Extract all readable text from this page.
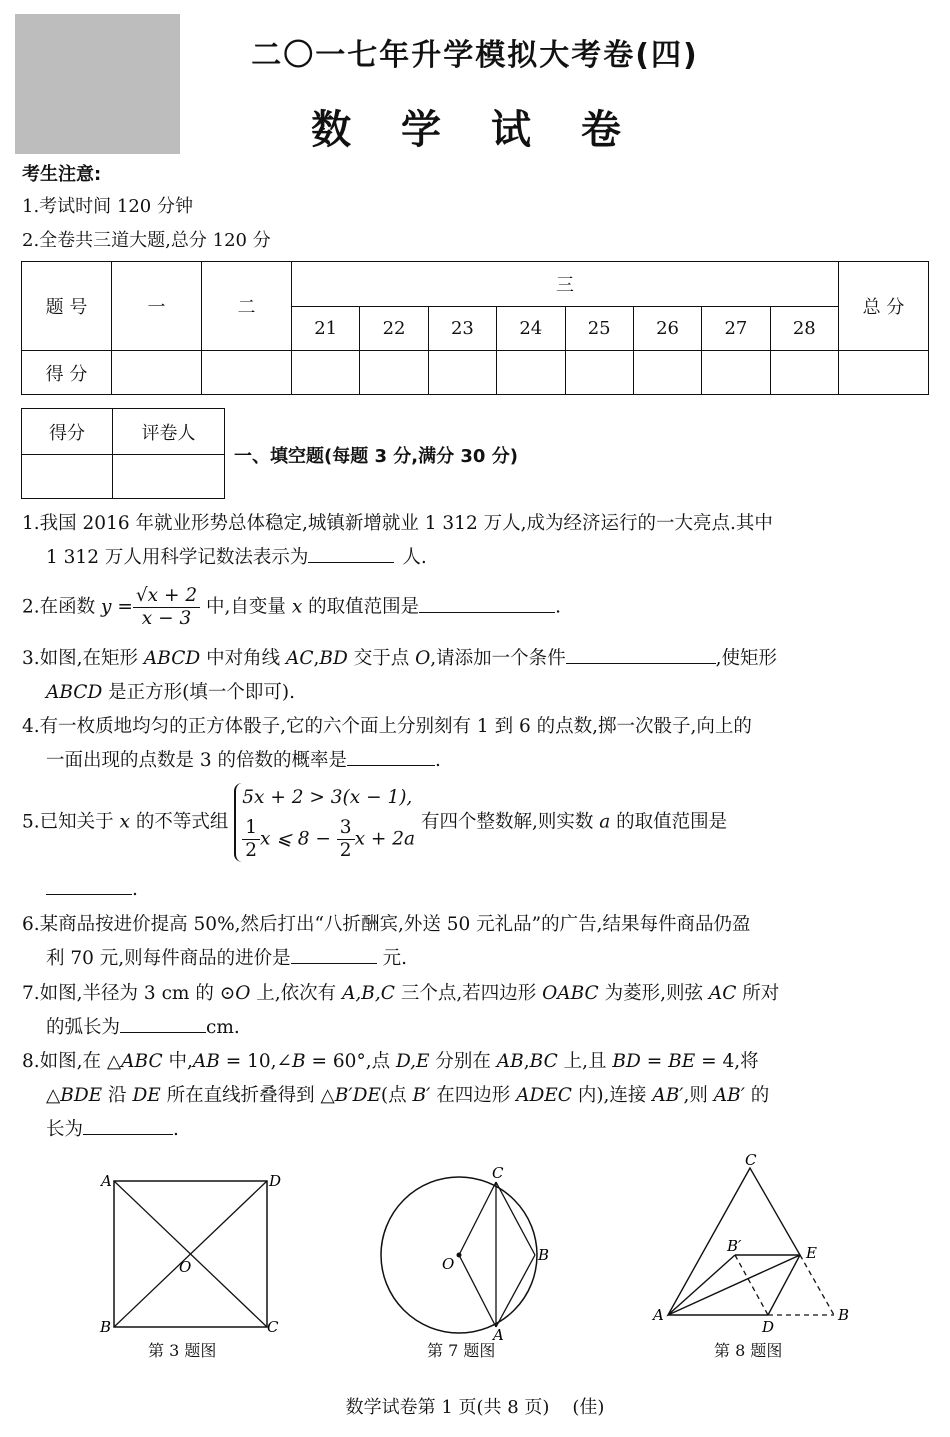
二〇一七年升学模拟大考卷(四)
数 学 试 卷
考生注意:
1.考试时间 120 分钟
2.全卷共三道大题,总分 120 分
题 号	一	二	三								总 分
			21	22	23	24	25	26	27	28	
得 分											
得分	评卷人

一、填空题(每题 3 分,满分 30 分)
1.我国 2016 年就业形势总体稳定,城镇新增就业 1 312 万人,成为经济运行的一大亮点.其中
1 312 万人用科学记数法表示为	人.
2.在函数 $y = \frac{√x + 2}{x - 3}$ 中,自变量 x 的取值范围是	.
3.如图,在矩形 ABCD 中对角线 AC,BD 交于点 O,请添加一个条件	,使矩形
ABCD 是正方形(填一个即可).
4.有一枚质地均匀的正方体骰子,它的六个面上分别刻有 1 到 6 的点数,掷一次骰子,向上的
一面出现的点数是 3 的倍数的概率是	.
5.已知关于 x 的不等式组
5x + 2 > 3(x − 1),
$\frac{1}{2}$ x ⩽ $8 - \frac{3}{2}$ x + 2a
有四个整数解,则实数 a 的取值范围是
.
6.某商品按进价提高 50%,然后打出“八折酬宾,外送 50 元礼品”的广告,结果每件商品仍盈
利 70 元,则每件商品的进价是	元.
7.如图,半径为 3 cm 的 ⊙O 上,依次有 A,B,C 三个点,若四边形 OABC 为菱形,则弦 AC 所对
的弧长为	cm.
8.如图,在 △ABC 中,AB = 10,∠B = 60°,点 D,E 分别在 AB,BC 上,且 BD = BE = 4,将
△BDE 沿 DE 所在直线折叠得到 △B′DE(点 B′ 在四边形 ADEC 内),连接 AB′,则 AB′ 的
长为	.
A	D
B	C
O
第 3 题图
C
B
A
O
第 7 题图
C
A	B
D
E
B′
第 8 题图
数学试卷第 1 页(共 8 页)    (佳)
